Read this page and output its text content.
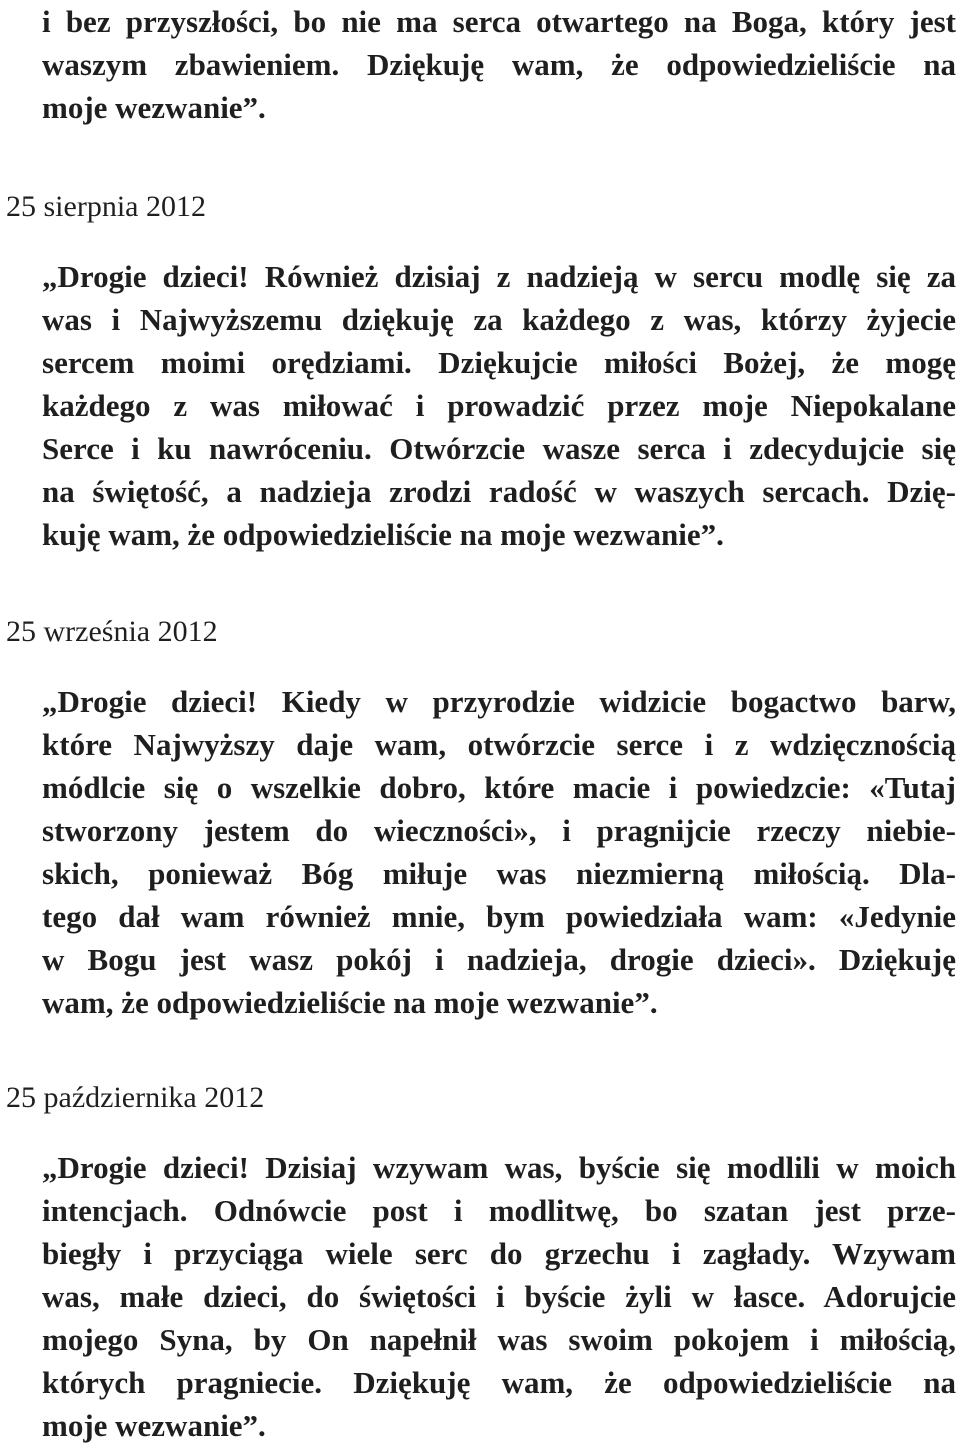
i bez przyszłości, bo nie ma serca otwartego na Boga, który jest
waszym zbawieniem. Dziękuję wam, że odpowiedzieliście na
moje wezwanie”.
25 sierpnia 2012
„Drogie dzieci! Również dzisiaj z nadzieją w sercu modlę się za
was i Najwyższemu dziękuję za każdego z was, którzy żyjecie
sercem moimi orędziami. Dziękujcie miłości Bożej, że mogę
każdego z was miłować i prowadzić przez moje Niepokalane
Serce i ku nawróceniu. Otwórzcie wasze serca i zdecydujcie się
na świętość, a nadzieja zrodzi radość w waszych sercach. Dzię-
kuję wam, że odpowiedzieliście na moje wezwanie”.
25 września 2012
„Drogie dzieci! Kiedy w przyrodzie widzicie bogactwo barw,
które Najwyższy daje wam, otwórzcie serce i z wdzięcznością
módlcie się o wszelkie dobro, które macie i powiedzcie: «Tutaj
stworzony jestem do wieczności», i pragnijcie rzeczy niebie-
skich, ponieważ Bóg miłuje was niezmierną miłością. Dla-
tego dał wam również mnie, bym powiedziała wam: «Jedynie
w Bogu jest wasz pokój i nadzieja, drogie dzieci». Dziękuję
wam, że odpowiedzieliście na moje wezwanie”.
25 października 2012
„Drogie dzieci! Dzisiaj wzywam was, byście się modlili w moich
intencjach. Odnówcie post i modlitwę, bo szatan jest prze-
biegły i przyciąga wiele serc do grzechu i zagłady. Wzywam
was, małe dzieci, do świętości i byście żyli w łasce. Adorujcie
mojego Syna, by On napełnił was swoim pokojem i miłością,
których pragniecie. Dziękuję wam, że odpowiedzieliście na
moje wezwanie”.
